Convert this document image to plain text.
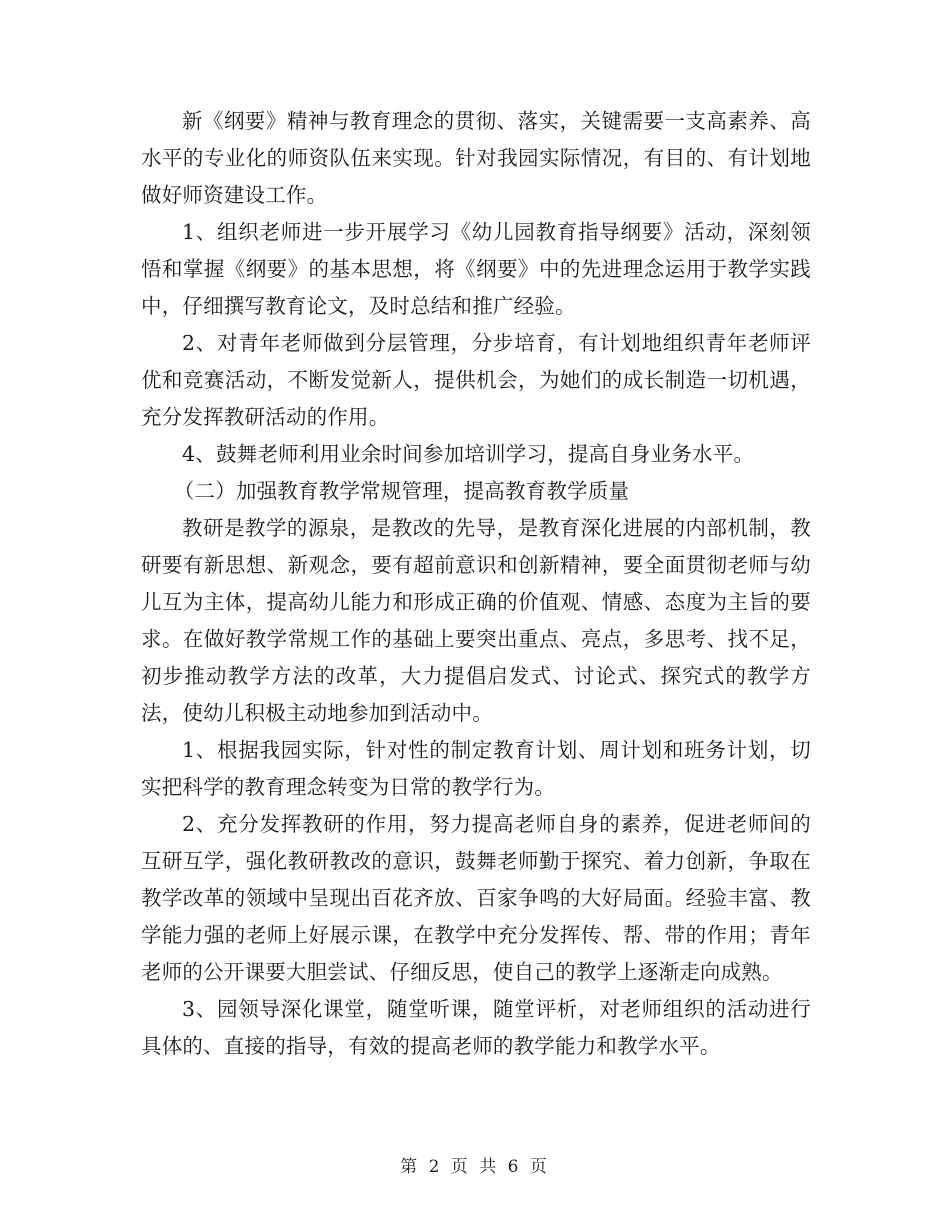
新《纲要》精神与教育理念的贯彻、落实，关键需要一支高素养、高水平的专业化的师资队伍来实现。针对我园实际情况，有目的、有计划地做好师资建设工作。

1、组织老师进一步开展学习《幼儿园教育指导纲要》活动，深刻领悟和掌握《纲要》的基本思想，将《纲要》中的先进理念运用于教学实践中，仔细撰写教育论文，及时总结和推广经验。

2、对青年老师做到分层管理，分步培育，有计划地组织青年老师评优和竞赛活动，不断发觉新人，提供机会，为她们的成长制造一切机遇，充分发挥教研活动的作用。

4、鼓舞老师利用业余时间参加培训学习，提高自身业务水平。

（二）加强教育教学常规管理，提高教育教学质量

教研是教学的源泉，是教改的先导，是教育深化进展的内部机制，教研要有新思想、新观念，要有超前意识和创新精神，要全面贯彻老师与幼儿互为主体，提高幼儿能力和形成正确的价值观、情感、态度为主旨的要求。在做好教学常规工作的基础上要突出重点、亮点，多思考、找不足，初步推动教学方法的改革，大力提倡启发式、讨论式、探究式的教学方法，使幼儿积极主动地参加到活动中。

1、根据我园实际，针对性的制定教育计划、周计划和班务计划，切实把科学的教育理念转变为日常的教学行为。

2、充分发挥教研的作用，努力提高老师自身的素养，促进老师间的互研互学，强化教研教改的意识，鼓舞老师勤于探究、着力创新，争取在教学改革的领域中呈现出百花齐放、百家争鸣的大好局面。经验丰富、教学能力强的老师上好展示课，在教学中充分发挥传、帮、带的作用；青年老师的公开课要大胆尝试、仔细反思，使自己的教学上逐渐走向成熟。

3、园领导深化课堂，随堂听课，随堂评析，对老师组织的活动进行具体的、直接的指导，有效的提高老师的教学能力和教学水平。

第 2 页 共 6 页
